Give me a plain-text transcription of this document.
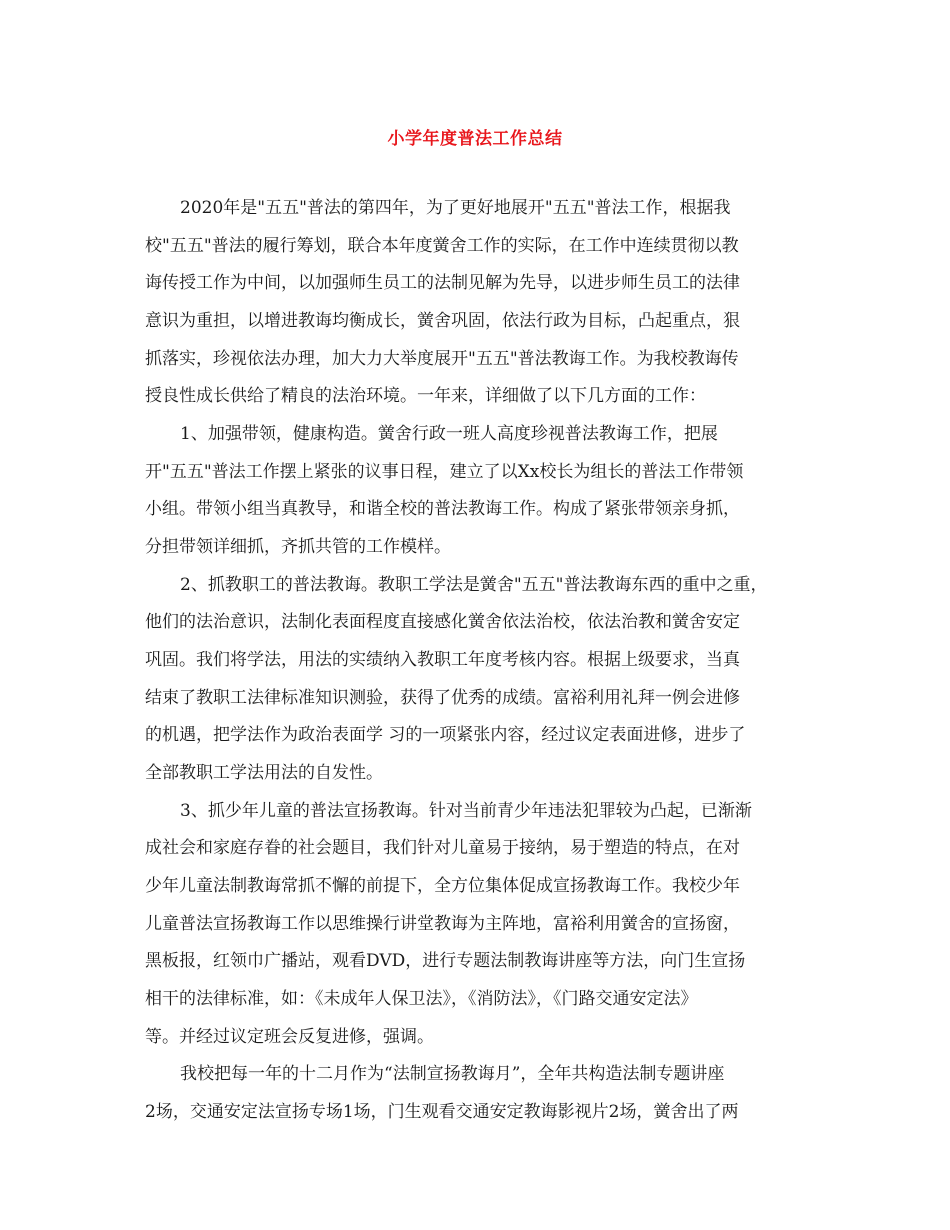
小学年度普法工作总结
2020年是"五五"普法的第四年，为了更好地展开"五五"普法工作，根据我
校"五五"普法的履行筹划，联合本年度黉舍工作的实际，在工作中连续贯彻以教
诲传授工作为中间，以加强师生员工的法制见解为先导，以进步师生员工的法律
意识为重担，以增进教诲均衡成长，黉舍巩固，依法行政为目标，凸起重点，狠
抓落实，珍视依法办理，加大力大举度展开"五五"普法教诲工作。为我校教诲传
授良性成长供给了精良的法治环境。一年来，详细做了以下几方面的工作：
1、加强带领，健康构造。黉舍行政一班人高度珍视普法教诲工作，把展
开"五五"普法工作摆上紧张的议事日程，建立了以Xx校长为组长的普法工作带领
小组。带领小组当真教导，和谐全校的普法教诲工作。构成了紧张带领亲身抓，
分担带领详细抓，齐抓共管的工作模样。
2、抓教职工的普法教诲。教职工学法是黉舍"五五"普法教诲东西的重中之重，
他们的法治意识，法制化表面程度直接感化黉舍依法治校，依法治教和黉舍安定
巩固。我们将学法，用法的实绩纳入教职工年度考核内容。根据上级要求，当真
结束了教职工法律标准知识测验，获得了优秀的成绩。富裕利用礼拜一例会进修
的机遇，把学法作为政治表面学 习的一项紧张内容，经过议定表面进修，进步了
全部教职工学法用法的自发性。
3、抓少年儿童的普法宣扬教诲。针对当前青少年违法犯罪较为凸起，已渐渐
成社会和家庭存眷的社会题目，我们针对儿童易于接纳，易于塑造的特点，在对
少年儿童法制教诲常抓不懈的前提下，全方位集体促成宣扬教诲工作。我校少年
儿童普法宣扬教诲工作以思维操行讲堂教诲为主阵地，富裕利用黉舍的宣扬窗，
黑板报，红领巾广播站，观看DVD，进行专题法制教诲讲座等方法，向门生宣扬
相干的法律标准，如：《未成年人保卫法》，《消防法》，《门路交通安定法》
等。并经过议定班会反复进修，强调。
我校把每一年的十二月作为“法制宣扬教诲月”，全年共构造法制专题讲座
2场，交通安定法宣扬专场1场，门生观看交通安定教诲影视片2场，黉舍出了两
